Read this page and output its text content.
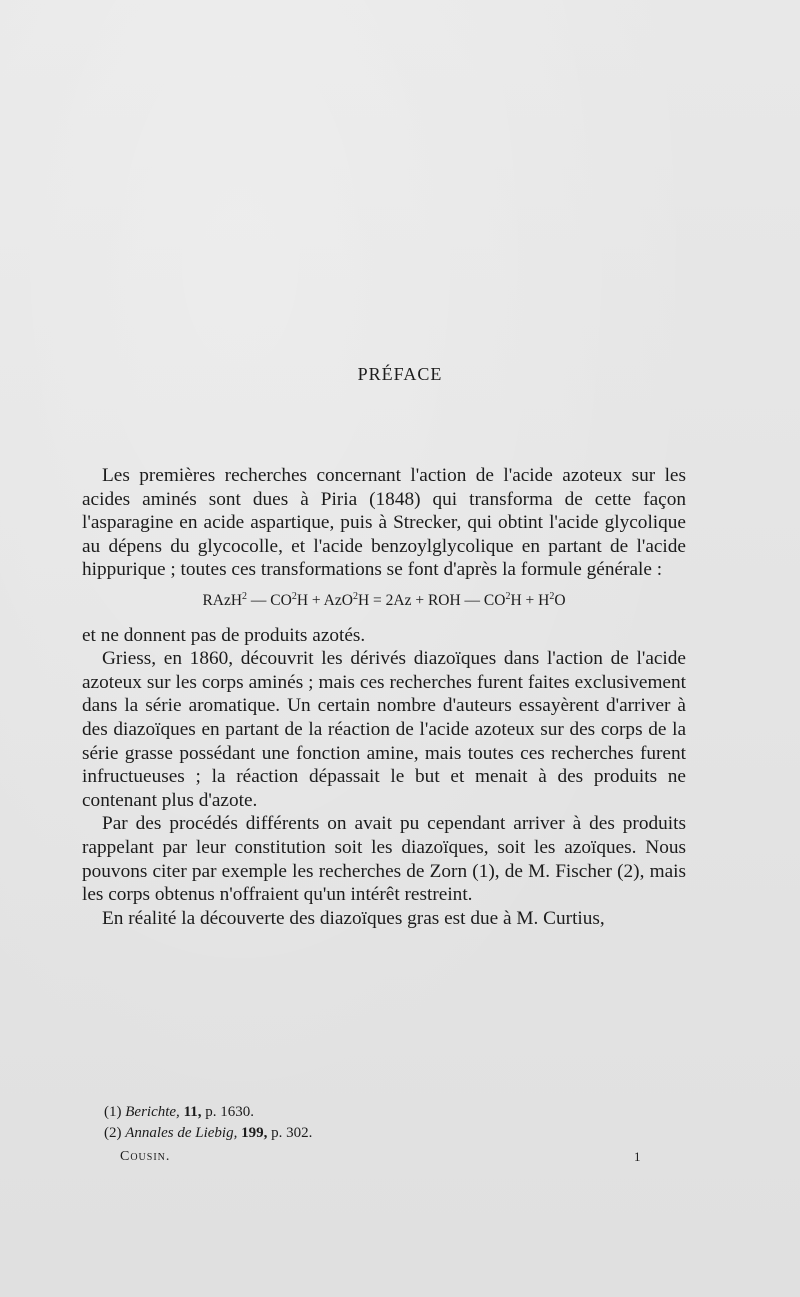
PRÉFACE

Les premières recherches concernant l'action de l'acide azoteux sur les acides aminés sont dues à Piria (1848) qui transforma de cette façon l'asparagine en acide aspartique, puis à Strecker, qui obtint l'acide glycolique au dépens du glycocolle, et l'acide benzoylglycolique en partant de l'acide hippurique ; toutes ces transformations se font d'après la formule générale :

RAzH$^2$ — $CO^2H + AzO^2H = 2Az$ + ROH — $CO^2H + H^2O$

et ne donnent pas de produits azotés.

Griess, en 1860, découvrit les dérivés diazoïques dans l'action de l'acide azoteux sur les corps aminés ; mais ces recherches furent faites exclusivement dans la série aromatique. Un certain nombre d'auteurs essayèrent d'arriver à des diazoïques en partant de la réaction de l'acide azoteux sur des corps de la série grasse possédant une fonction amine, mais toutes ces recherches furent infructueuses ; la réaction dépassait le but et menait à des produits ne contenant plus d'azote.

Par des procédés différents on avait pu cependant arriver à des produits rappelant par leur constitution soit les diazoïques, soit les azoïques. Nous pouvons citer par exemple les recherches de Zorn (1), de M. Fischer (2), mais les corps obtenus n'offraient qu'un intérêt restreint.

En réalité la découverte des diazoïques gras est due à M. Curtius,

(1) Berichte, 11, p. 1630.

(2) Annales de Liebig, 199, p. 302.

Cousin.	1
